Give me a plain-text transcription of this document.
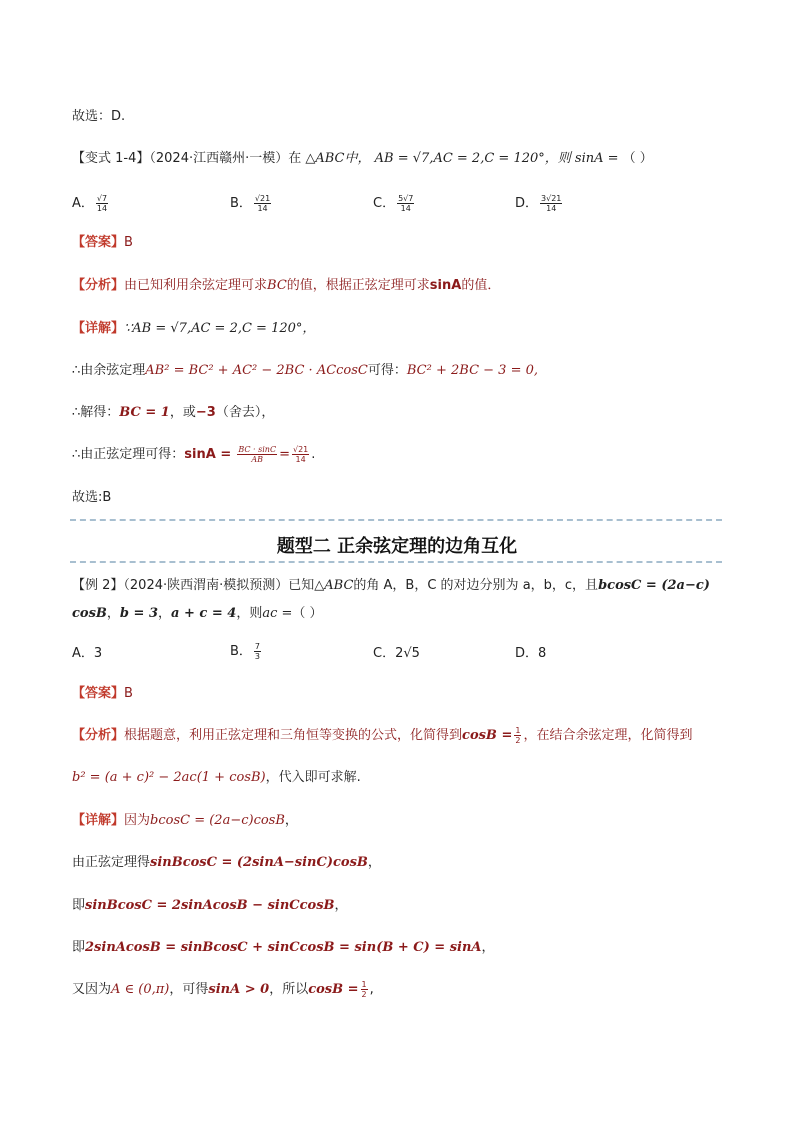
故选：D.
【变式 1-4】（2024·江西赣州·一模）在 △ABC中， AB = √7,AC = 2,C = 120°，则 sinA = （ ）
A． $\frac{√7}{14}$	B． $\frac{√21}{14}$	C． $\frac{5√7}{14}$	D． $\frac{3√21}{14}$
【答案】B
【分析】由已知利用余弦定理可求BC的值，根据正弦定理可求sinA的值．
【详解】∵AB = √7,AC = 2,C = 120°，
∴由余弦定理AB² = BC² + AC² − 2BC · ACcosC可得：BC² + 2BC − 3 = 0,
∴解得：BC = 1，或−3（舍去），
∴由正弦定理可得：$\sin A = \frac{BC \cdot \sin C}{AB} = \frac{√21}{14}$ .
故选:B
题型二 正余弦定理的边角互化
【例 2】（2024·陕西渭南·模拟预测）已知△ABC的角 A，B，C 的对边分别为 a，b，c，且bcosC = (2a−c)
cosB，b = 3，a + c = 4，则ac =（ ）
A．3	B． $\frac{7}{3}$	C．2√5	D．8
【答案】B
【分析】根据题意，利用正弦定理和三角恒等变换的公式，化简得到$\cos B = \frac{1}{2}$ ，在结合余弦定理，化简得到
b² = (a + c)² − 2ac(1 + cosB)，代入即可求解.
【详解】因为bcosC = (2a−c)cosB，
由正弦定理得sinBcosC = (2sinA−sinC)cosB，
即sinBcosC = 2sinAcosB − sinCcosB，
即2sinAcosB = sinBcosC + sinCcosB = sin(B + C) = sinA，
又因为A ∈ (0,π)，可得sinA > 0，所以$\cos B = \frac{1}{2}$ ,
